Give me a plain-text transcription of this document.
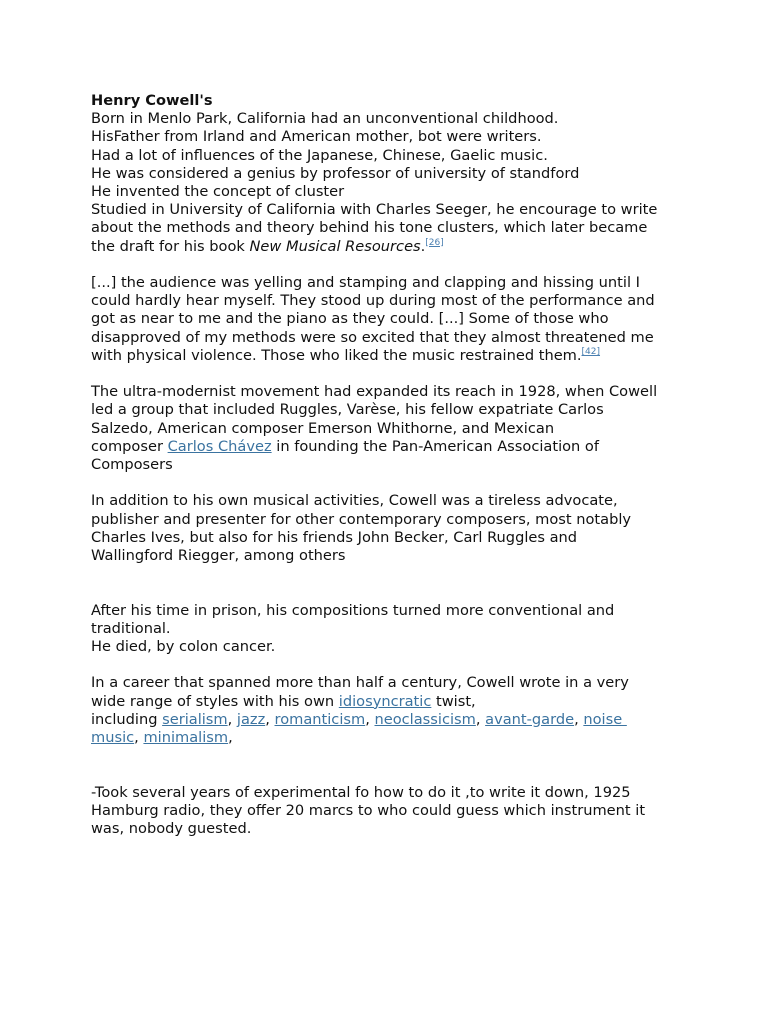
Henry Cowell's
Born in Menlo Park, California had an unconventional childhood.
HisFather from Irland and American mother, bot were writers.
Had a lot of influences of the Japanese, Chinese, Gaelic music.
He was considered a genius by professor of university of standford
He invented the concept of cluster
Studied in University of California with Charles Seeger, he encourage to write
about the methods and theory behind his tone clusters, which later became
the draft for his book New Musical Resources.[26]
[...] the audience was yelling and stamping and clapping and hissing until I
could hardly hear myself. They stood up during most of the performance and
got as near to me and the piano as they could. [...] Some of those who
disapproved of my methods were so excited that they almost threatened me
with physical violence. Those who liked the music restrained them.[42]
The ultra-modernist movement had expanded its reach in 1928, when Cowell
led a group that included Ruggles, Varèse, his fellow expatriate Carlos
Salzedo, American composer Emerson Whithorne, and Mexican
composer Carlos Chávez in founding the Pan-American Association of
Composers
In addition to his own musical activities, Cowell was a tireless advocate,
publisher and presenter for other contemporary composers, most notably
Charles Ives, but also for his friends John Becker, Carl Ruggles and
Wallingford Riegger, among others
After his time in prison, his compositions turned more conventional and
traditional.
He died, by colon cancer.
In a career that spanned more than half a century, Cowell wrote in a very
wide range of styles with his own idiosyncratic twist,
including serialism, jazz, romanticism, neoclassicism, avant-garde, noise
music, minimalism,
-Took several years of experimental fo how to do it ,to write it down, 1925
Hamburg radio, they offer 20 marcs to who could guess which instrument it
was, nobody guested.
